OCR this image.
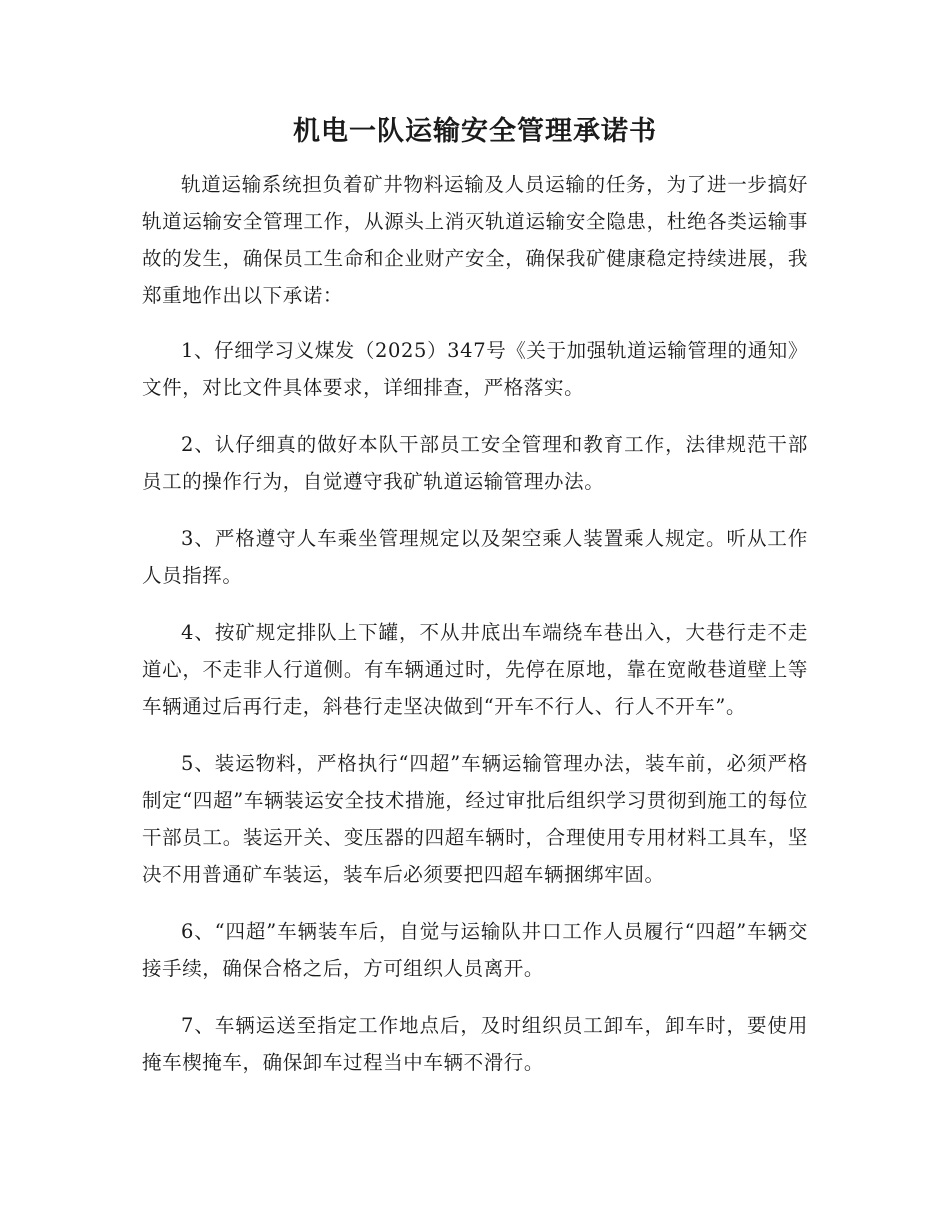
机电一队运输安全管理承诺书

轨道运输系统担负着矿井物料运输及人员运输的任务，为了进一步搞好轨道运输安全管理工作，从源头上消灭轨道运输安全隐患，杜绝各类运输事故的发生，确保员工生命和企业财产安全，确保我矿健康稳定持续进展，我郑重地作出以下承诺：

1、仔细学习义煤发（2025）347号《关于加强轨道运输管理的通知》文件，对比文件具体要求，详细排查，严格落实。

2、认仔细真的做好本队干部员工安全管理和教育工作，法律规范干部员工的操作行为，自觉遵守我矿轨道运输管理办法。

3、严格遵守人车乘坐管理规定以及架空乘人装置乘人规定。听从工作人员指挥。

4、按矿规定排队上下罐，不从井底出车端绕车巷出入，大巷行走不走道心，不走非人行道侧。有车辆通过时，先停在原地，靠在宽敞巷道壁上等车辆通过后再行走，斜巷行走坚决做到“开车不行人、行人不开车”。

5、装运物料，严格执行“四超”车辆运输管理办法，装车前，必须严格制定“四超”车辆装运安全技术措施，经过审批后组织学习贯彻到施工的每位干部员工。装运开关、变压器的四超车辆时，合理使用专用材料工具车，坚决不用普通矿车装运，装车后必须要把四超车辆捆绑牢固。

6、“四超”车辆装车后，自觉与运输队井口工作人员履行“四超”车辆交接手续，确保合格之后，方可组织人员离开。

7、车辆运送至指定工作地点后，及时组织员工卸车，卸车时，要使用掩车楔掩车，确保卸车过程当中车辆不滑行。
